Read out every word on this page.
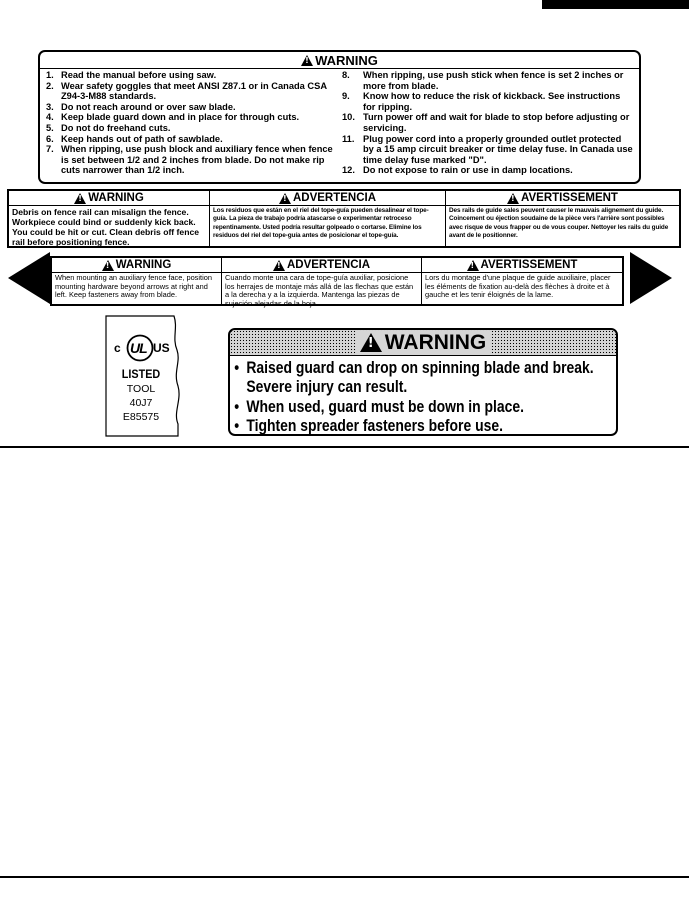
!
WARNING
1. Read the manual before using saw.
2. Wear safety goggles that meet ANSI Z87.1 or in Canada CSA Z94-3-M88 standards.
3. Do not reach around or over saw blade.
4. Keep blade guard down and in place for through cuts.
5. Do not do freehand cuts.
6. Keep hands out of path of sawblade.
7. When ripping, use push block and auxiliary fence when fence is set between 1/2 and 2 inches from blade. Do not make rip cuts narrower than 1/2 inch.
8.	When ripping, use push stick when fence is set 2 inches or more from blade.
9.	Know how to reduce the risk of kickback. See instructions for ripping.
10. Turn power off and wait for blade to stop before adjusting or servicing.
11. Plug power cord into a properly grounded outlet protected by a 15 amp circuit breaker or time delay fuse. In Canada use time delay fuse marked "D".
12. Do not expose to rain or use in damp locations.
!
WARNING
Debris on fence rail can misalign the fence. Workpiece could bind or suddenly kick back. You could be hit or cut. Clean debris off fence rail before positioning fence.
!
ADVERTENCIA
Los residuos que están en el riel del tope-guía pueden desalinear el tope-guía. La pieza de trabajo podría atascarse o experimentar retroceso repentinamente. Usted podría resultar golpeado o cortarse. Elimine los residuos del riel del tope-guía antes de posicionar el tope-guía.
!
AVERTISSEMENT
Des rails de guide sales peuvent causer le mauvais alignement du guide. Coincement ou éjection soudaine de la pièce vers l'arrière sont possibles avec risque de vous frapper ou de vous couper. Nettoyer les rails du guide avant de le positionner.
!
WARNING
When mounting an auxiliary fence face, position mounting hardware beyond arrows at right and left. Keep fasteners away from blade.
!
ADVERTENCIA
Cuando monte una cara de tope-guía auxiliar, posicione los herrajes de montaje más allá de las flechas que están a la derecha y a la izquierda. Mantenga las piezas de sujeción alejadas de la hoja.
!
AVERTISSEMENT
Lors du montage d'une plaque de guide auxiliaire, placer les éléments de fixation au-delà des flèches à droite et à gauche et les tenir éloignés de la lame.
c UL US
LISTED
TOOL
40J7
E85575
!
WARNING
• Raised guard can drop on spinning blade and break. Severe injury can result.
• When used, guard must be down in place.
• Tighten spreader fasteners before use.
